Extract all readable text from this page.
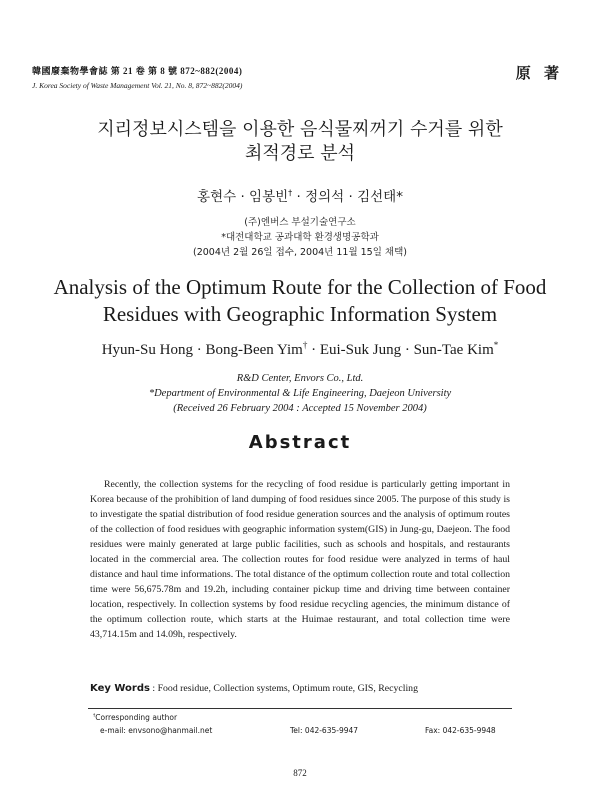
韓國廢棄物學會誌 第 21 卷 第 8 號 872~882(2004)
J. Korea Society of Waste Management Vol. 21, No. 8, 872~882(2004)
原 著
지리정보시스템을 이용한 음식물찌꺼기 수거를 위한
최적경로 분석
홍현수 · 임봉빈† · 정의석 · 김선태*
(주)엔버스 부설기술연구소
*대전대학교 공과대학 환경생명공학과
(2004년 2월 26일 접수, 2004년 11월 15일 채택)
Analysis of the Optimum Route for the Collection of Food
Residues with Geographic Information System
Hyun-Su Hong · Bong-Been Yim† · Eui-Suk Jung · Sun-Tae Kim*
R&D Center, Envors Co., Ltd.
*Department of Environmental & Life Engineering, Daejeon University
(Received 26 February 2004 : Accepted 15 November 2004)
Abstract
Recently, the collection systems for the recycling of food residue is particularly getting important in Korea because of the prohibition of land dumping of food residues since 2005. The purpose of this study is to investigate the spatial distribution of food residue generation sources and the analysis of optimum routes of the collection of food residues with geographic information system(GIS) in Jung-gu, Daejeon. The food residues were mainly generated at large public facilities, such as schools and hospitals, and restaurants located in the commercial area. The collection routes for food residue were analyzed in terms of haul distance and haul time informations. The total distance of the optimum collection route and total collection time were 56,675.78m and 19.2h, including container pickup time and driving time between container location, respectively. In collection systems by food residue recycling agencies, the minimum distance of the optimum collection route, which starts at the Huimae restaurant, and total collection time were 43,714.15m and 14.09h, respectively.
Key Words : Food residue, Collection systems, Optimum route, GIS, Recycling
†Corresponding author
e-mail: envsono@hanmail.net	Tel: 042-635-9947	Fax: 042-635-9948
872
